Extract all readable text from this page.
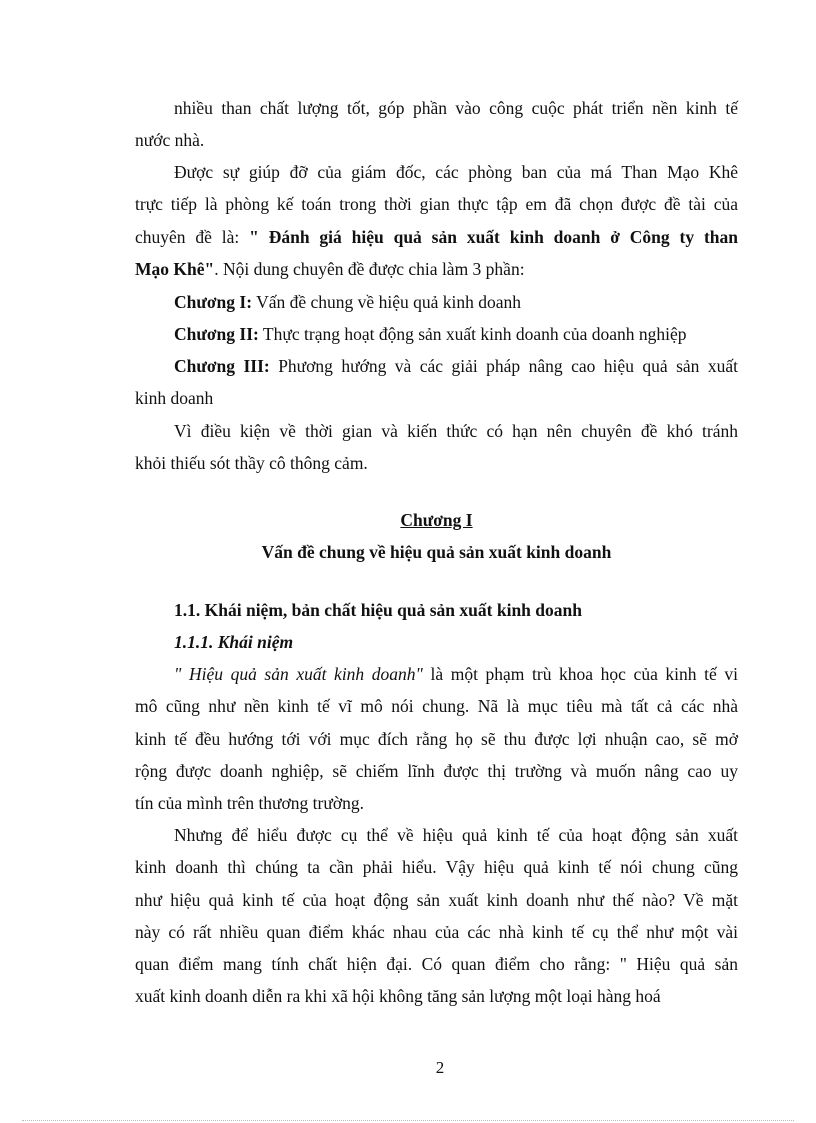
nhiều than chất lượng tốt, góp phần vào công cuộc phát triển nền kinh tế
nước nhà.
Được sự giúp đỡ của giám đốc, các phòng ban của má Than Mạo Khê
trực tiếp là phòng kế toán trong thời gian thực tập em đã chọn được đề tài của
chuyên đề là: " Đánh giá hiệu quả sản xuất kinh doanh ở Công ty than
Mạo Khê". Nội dung chuyên đề được chia làm 3 phần:
Chương I: Vấn đề chung về hiệu quả kinh doanh
Chương II: Thực trạng hoạt động sản xuất kinh doanh của doanh nghiệp
Chương III: Phương hướng và các giải pháp nâng cao hiệu quả sản xuất
kinh doanh
Vì điều kiện về thời gian và kiến thức có hạn nên chuyên đề khó tránh
khỏi thiếu sót thầy cô thông cảm.
Chương I
Vấn đề chung về hiệu quả sản xuất kinh doanh
1.1. Khái niệm, bản chất hiệu quả sản xuất kinh doanh
1.1.1. Khái niệm
" Hiệu quả sản xuất kinh doanh" là một phạm trù khoa học của kinh tế vi
mô cũng như nền kinh tế vĩ mô nói chung. Nã là mục tiêu mà tất cả các nhà
kinh tế đều hướng tới với mục đích rằng họ sẽ thu được lợi nhuận cao, sẽ mở
rộng được doanh nghiệp, sẽ chiếm lĩnh được thị trường và muốn nâng cao uy
tín của mình trên thương trường.
Nhưng để hiểu được cụ thể về hiệu quả kinh tế của hoạt động sản xuất
kinh doanh thì chúng ta cần phải hiểu. Vậy hiệu quả kinh tế nói chung cũng
như hiệu quả kinh tế của hoạt động sản xuất kinh doanh như thế nào? Về mặt
này có rất nhiều quan điểm khác nhau của các nhà kinh tế cụ thể như một vài
quan điểm mang tính chất hiện đại. Có quan điểm cho rằng: " Hiệu quả sản
xuất kinh doanh diễn ra khi xã hội không tăng sản lượng một loại hàng hoá
2
